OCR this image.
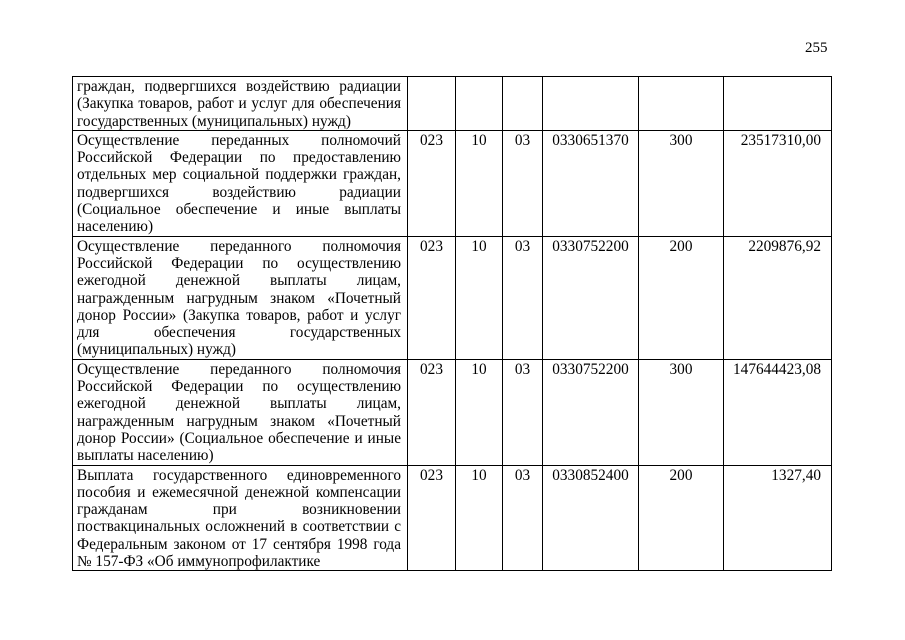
255
граждан, подвергшихся воздействию радиации (Закупка товаров, работ и услуг для обеспечения государственных (муниципальных) нужд)						
Осуществление переданных полномочий Российской Федерации по предоставлению отдельных мер социальной поддержки граждан, подвергшихся воздействию радиации (Социальное обеспечение и иные выплаты населению)	023	10	03	0330651370	300	23517310,00
Осуществление переданного полномочия Российской Федерации по осуществлению ежегодной денежной выплаты лицам, награжденным нагрудным знаком «Почетный донор России» (Закупка товаров, работ и услуг для обеспечения государственных (муниципальных) нужд)	023	10	03	0330752200	200	2209876,92
Осуществление переданного полномочия Российской Федерации по осуществлению ежегодной денежной выплаты лицам, награжденным нагрудным знаком «Почетный донор России» (Социальное обеспечение и иные выплаты населению)	023	10	03	0330752200	300	147644423,08
Выплата государственного единовременного пособия и ежемесячной денежной компенсации гражданам при возникновении поствакцинальных осложнений в соответствии с Федеральным законом от 17 сентября 1998 года № 157-ФЗ «Об иммунопрофилактике	023	10	03	0330852400	200	1327,40
